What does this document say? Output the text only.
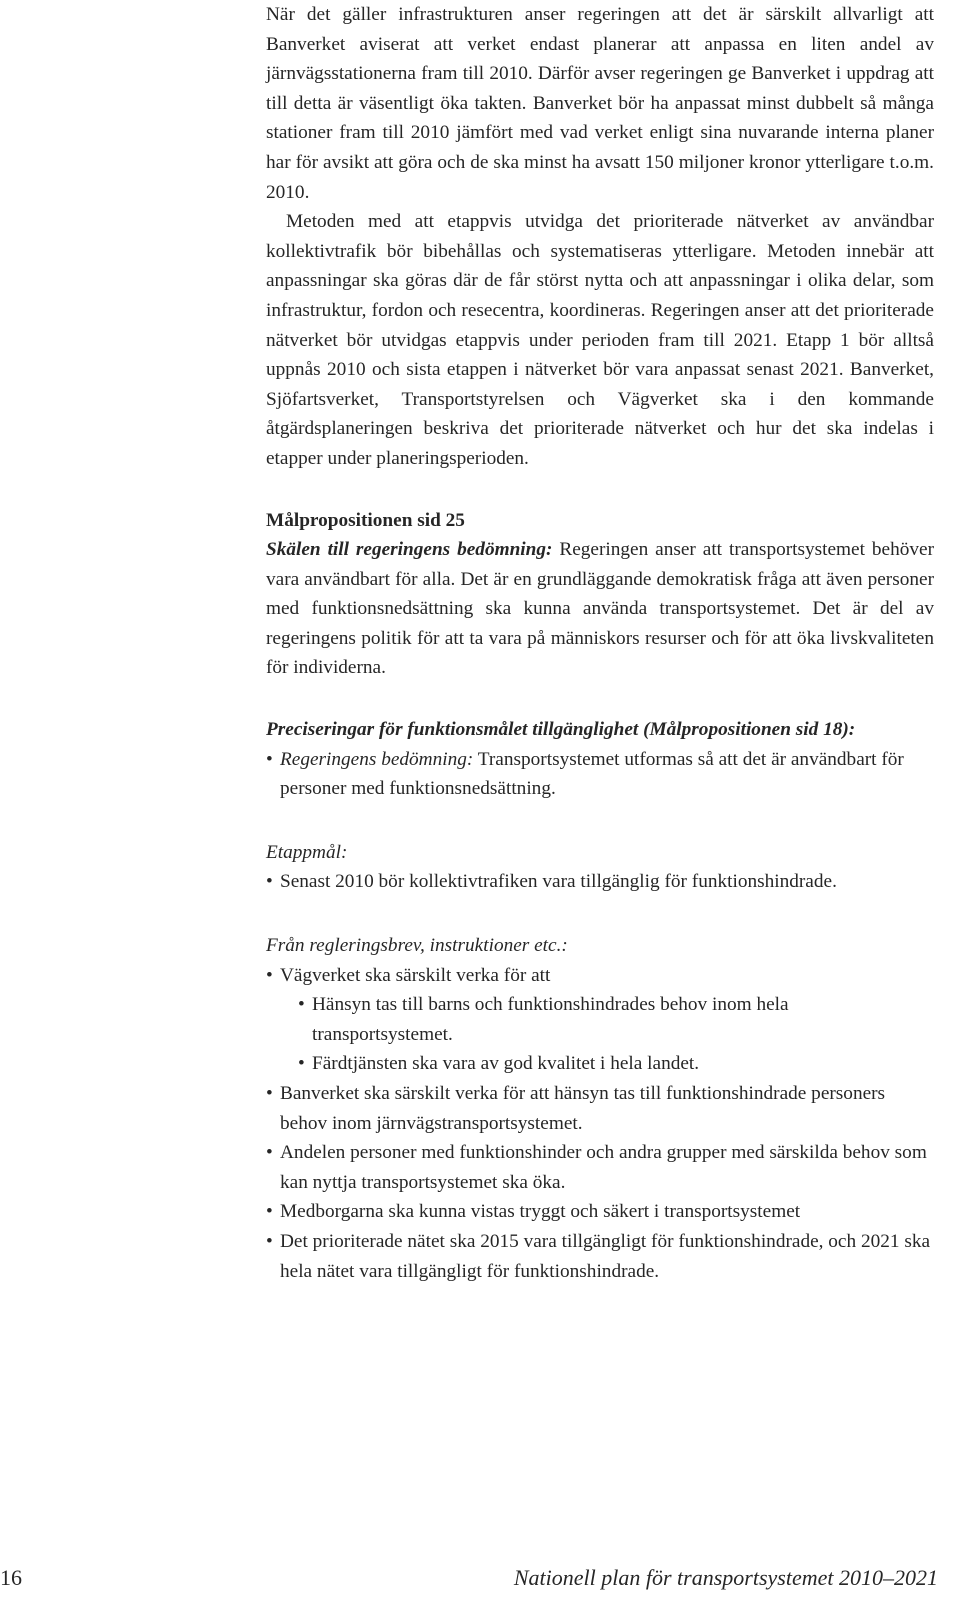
När det gäller infrastrukturen anser regeringen att det är särskilt allvarligt att Banverket aviserat att verket endast planerar att anpassa en liten andel av järnvägsstationerna fram till 2010. Därför avser regeringen ge Banverket i uppdrag att till detta är väsentligt öka takten. Banverket bör ha anpassat minst dubbelt så många stationer fram till 2010 jämfört med vad verket enligt sina nuvarande interna planer har för avsikt att göra och de ska minst ha avsatt 150 miljoner kronor ytterligare t.o.m. 2010.

Metoden med att etappvis utvidga det prioriterade nätverket av användbar kollektivtrafik bör bibehållas och systematiseras ytterligare. Metoden innebär att anpassningar ska göras där de får störst nytta och att anpassningar i olika delar, som infrastruktur, fordon och resecentra, koordineras. Regeringen anser att det prioriterade nätverket bör utvidgas etappvis under perioden fram till 2021. Etapp 1 bör alltså uppnås 2010 och sista etappen i nätverket bör vara anpassat senast 2021. Banverket, Sjöfartsverket, Transportstyrelsen och Vägverket ska i den kommande åtgärdsplaneringen beskriva det prioriterade nätverket och hur det ska indelas i etapper under planeringsperioden.

Målpropositionen sid 25

Skälen till regeringens bedömning: Regeringen anser att transportsystemet behöver vara användbart för alla. Det är en grundläggande demokratisk fråga att även personer med funktionsnedsättning ska kunna använda transportsystemet. Det är del av regeringens politik för att ta vara på människors resurser och för att öka livskvaliteten för individerna.

Preciseringar för funktionsmålet tillgänglighet (Målpropositionen sid 18):

• Regeringens bedömning: Transportsystemet utformas så att det är användbart för personer med funktionsnedsättning.

Etappmål:

• Senast 2010 bör kollektivtrafiken vara tillgänglig för funktionshindrade.

Från regleringsbrev, instruktioner etc.:

• Vägverket ska särskilt verka för att
• Hänsyn tas till barns och funktionshindrades behov inom hela transportsystemet.
• Färdtjänsten ska vara av god kvalitet i hela landet.
• Banverket ska särskilt verka för att hänsyn tas till funktionshindrade personers behov inom järnvägstransportsystemet.
• Andelen personer med funktionshinder och andra grupper med särskilda behov som kan nyttja transportsystemet ska öka.
• Medborgarna ska kunna vistas tryggt och säkert i transportsystemet
• Det prioriterade nätet ska 2015 vara tillgängligt för funktionshindrade, och 2021 ska hela nätet vara tillgängligt för funktionshindrade.
16	Nationell plan för transportsystemet 2010–2021
